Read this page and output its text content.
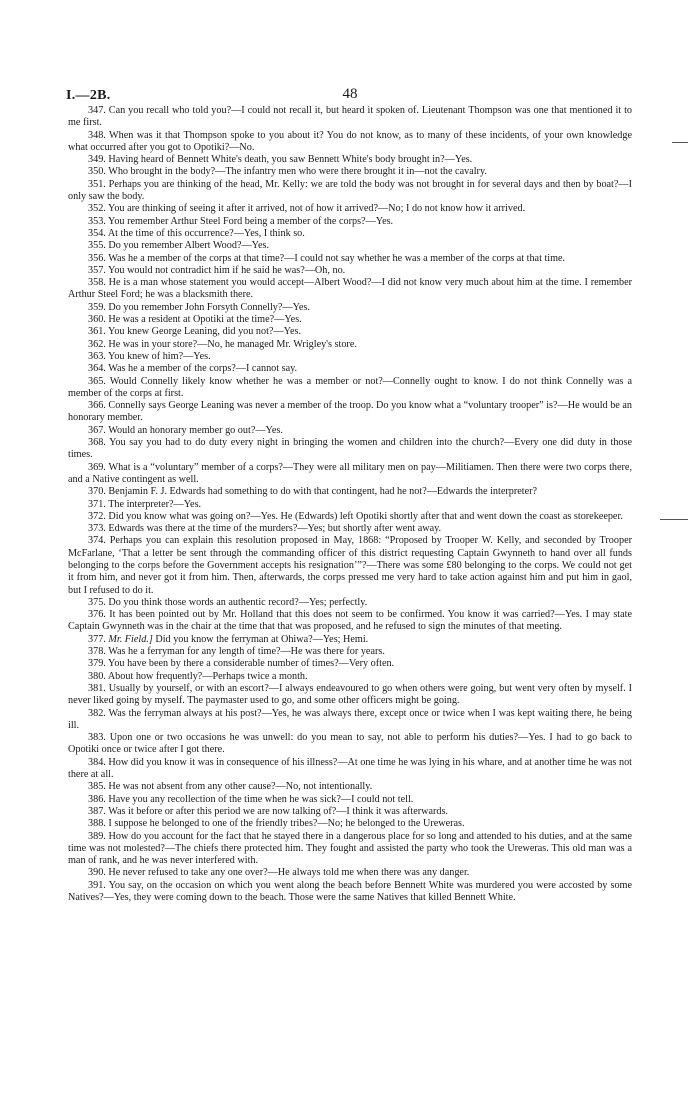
I.—2B.	48

347. Can you recall who told you?—I could not recall it, but heard it spoken of. Lieutenant Thompson was one that mentioned it to me first.

348. When was it that Thompson spoke to you about it? You do not know, as to many of these incidents, of your own knowledge what occurred after you got to Opotiki?—No.

349. Having heard of Bennett White's death, you saw Bennett White's body brought in?—Yes.

350. Who brought in the body?—The infantry men who were there brought it in—not the cavalry.

351. Perhaps you are thinking of the head, Mr. Kelly: we are told the body was not brought in for several days and then by boat?—I only saw the body.

352. You are thinking of seeing it after it arrived, not of how it arrived?—No; I do not know how it arrived.

353. You remember Arthur Steel Ford being a member of the corps?—Yes.

354. At the time of this occurrence?—Yes, I think so.

355. Do you remember Albert Wood?—Yes.

356. Was he a member of the corps at that time?—I could not say whether he was a member of the corps at that time.

357. You would not contradict him if he said he was?—Oh, no.

358. He is a man whose statement you would accept—Albert Wood?—I did not know very much about him at the time. I remember Arthur Steel Ford; he was a blacksmith there.

359. Do you remember John Forsyth Connelly?—Yes.

360. He was a resident at Opotiki at the time?—Yes.

361. You knew George Leaning, did you not?—Yes.

362. He was in your store?—No, he managed Mr. Wrigley's store.

363. You knew of him?—Yes.

364. Was he a member of the corps?—I cannot say.

365. Would Connelly likely know whether he was a member or not?—Connelly ought to know. I do not think Connelly was a member of the corps at first.

366. Connelly says George Leaning was never a member of the troop. Do you know what a “voluntary trooper” is?—He would be an honorary member.

367. Would an honorary member go out?—Yes.

368. You say you had to do duty every night in bringing the women and children into the church?—Every one did duty in those times.

369. What is a “voluntary” member of a corps?—They were all military men on pay—Militiamen. Then there were two corps there, and a Native contingent as well.

370. Benjamin F. J. Edwards had something to do with that contingent, had he not?—Edwards the interpreter?

371. The interpreter?—Yes.

372. Did you know what was going on?—Yes. He (Edwards) left Opotiki shortly after that and went down the coast as storekeeper.

373. Edwards was there at the time of the murders?—Yes; but shortly after went away.

374. Perhaps you can explain this resolution proposed in May, 1868: “Proposed by Trooper W. Kelly, and seconded by Trooper McFarlane, ‘That a letter be sent through the commanding officer of this district requesting Captain Gwynneth to hand over all funds belonging to the corps before the Government accepts his resignation’”?—There was some £80 belonging to the corps. We could not get it from him, and never got it from him. Then, afterwards, the corps pressed me very hard to take action against him and put him in gaol, but I refused to do it.

375. Do you think those words an authentic record?—Yes; perfectly.

376. It has been pointed out by Mr. Holland that this does not seem to be confirmed. You know it was carried?—Yes. I may state Captain Gwynneth was in the chair at the time that that was proposed, and he refused to sign the minutes of that meeting.

377. Mr. Field.] Did you know the ferryman at Ohiwa?—Yes; Hemi.

378. Was he a ferryman for any length of time?—He was there for years.

379. You have been by there a considerable number of times?—Very often.

380. About how frequently?—Perhaps twice a month.

381. Usually by yourself, or with an escort?—I always endeavoured to go when others were going, but went very often by myself. I never liked going by myself. The paymaster used to go, and some other officers might be going.

382. Was the ferryman always at his post?—Yes, he was always there, except once or twice when I was kept waiting there, he being ill.

383. Upon one or two occasions he was unwell: do you mean to say, not able to perform his duties?—Yes. I had to go back to Opotiki once or twice after I got there.

384. How did you know it was in consequence of his illness?—At one time he was lying in his whare, and at another time he was not there at all.

385. He was not absent from any other cause?—No, not intentionally.

386. Have you any recollection of the time when he was sick?—I could not tell.

387. Was it before or after this period we are now talking of?—I think it was afterwards.

388. I suppose he belonged to one of the friendly tribes?—No; he belonged to the Ureweras.

389. How do you account for the fact that he stayed there in a dangerous place for so long and attended to his duties, and at the same time was not molested?—The chiefs there protected him. They fought and assisted the party who took the Ureweras. This old man was a man of rank, and he was never interfered with.

390. He never refused to take any one over?—He always told me when there was any danger.

391. You say, on the occasion on which you went along the beach before Bennett White was murdered you were accosted by some Natives?—Yes, they were coming down to the beach. Those were the same Natives that killed Bennett White.
